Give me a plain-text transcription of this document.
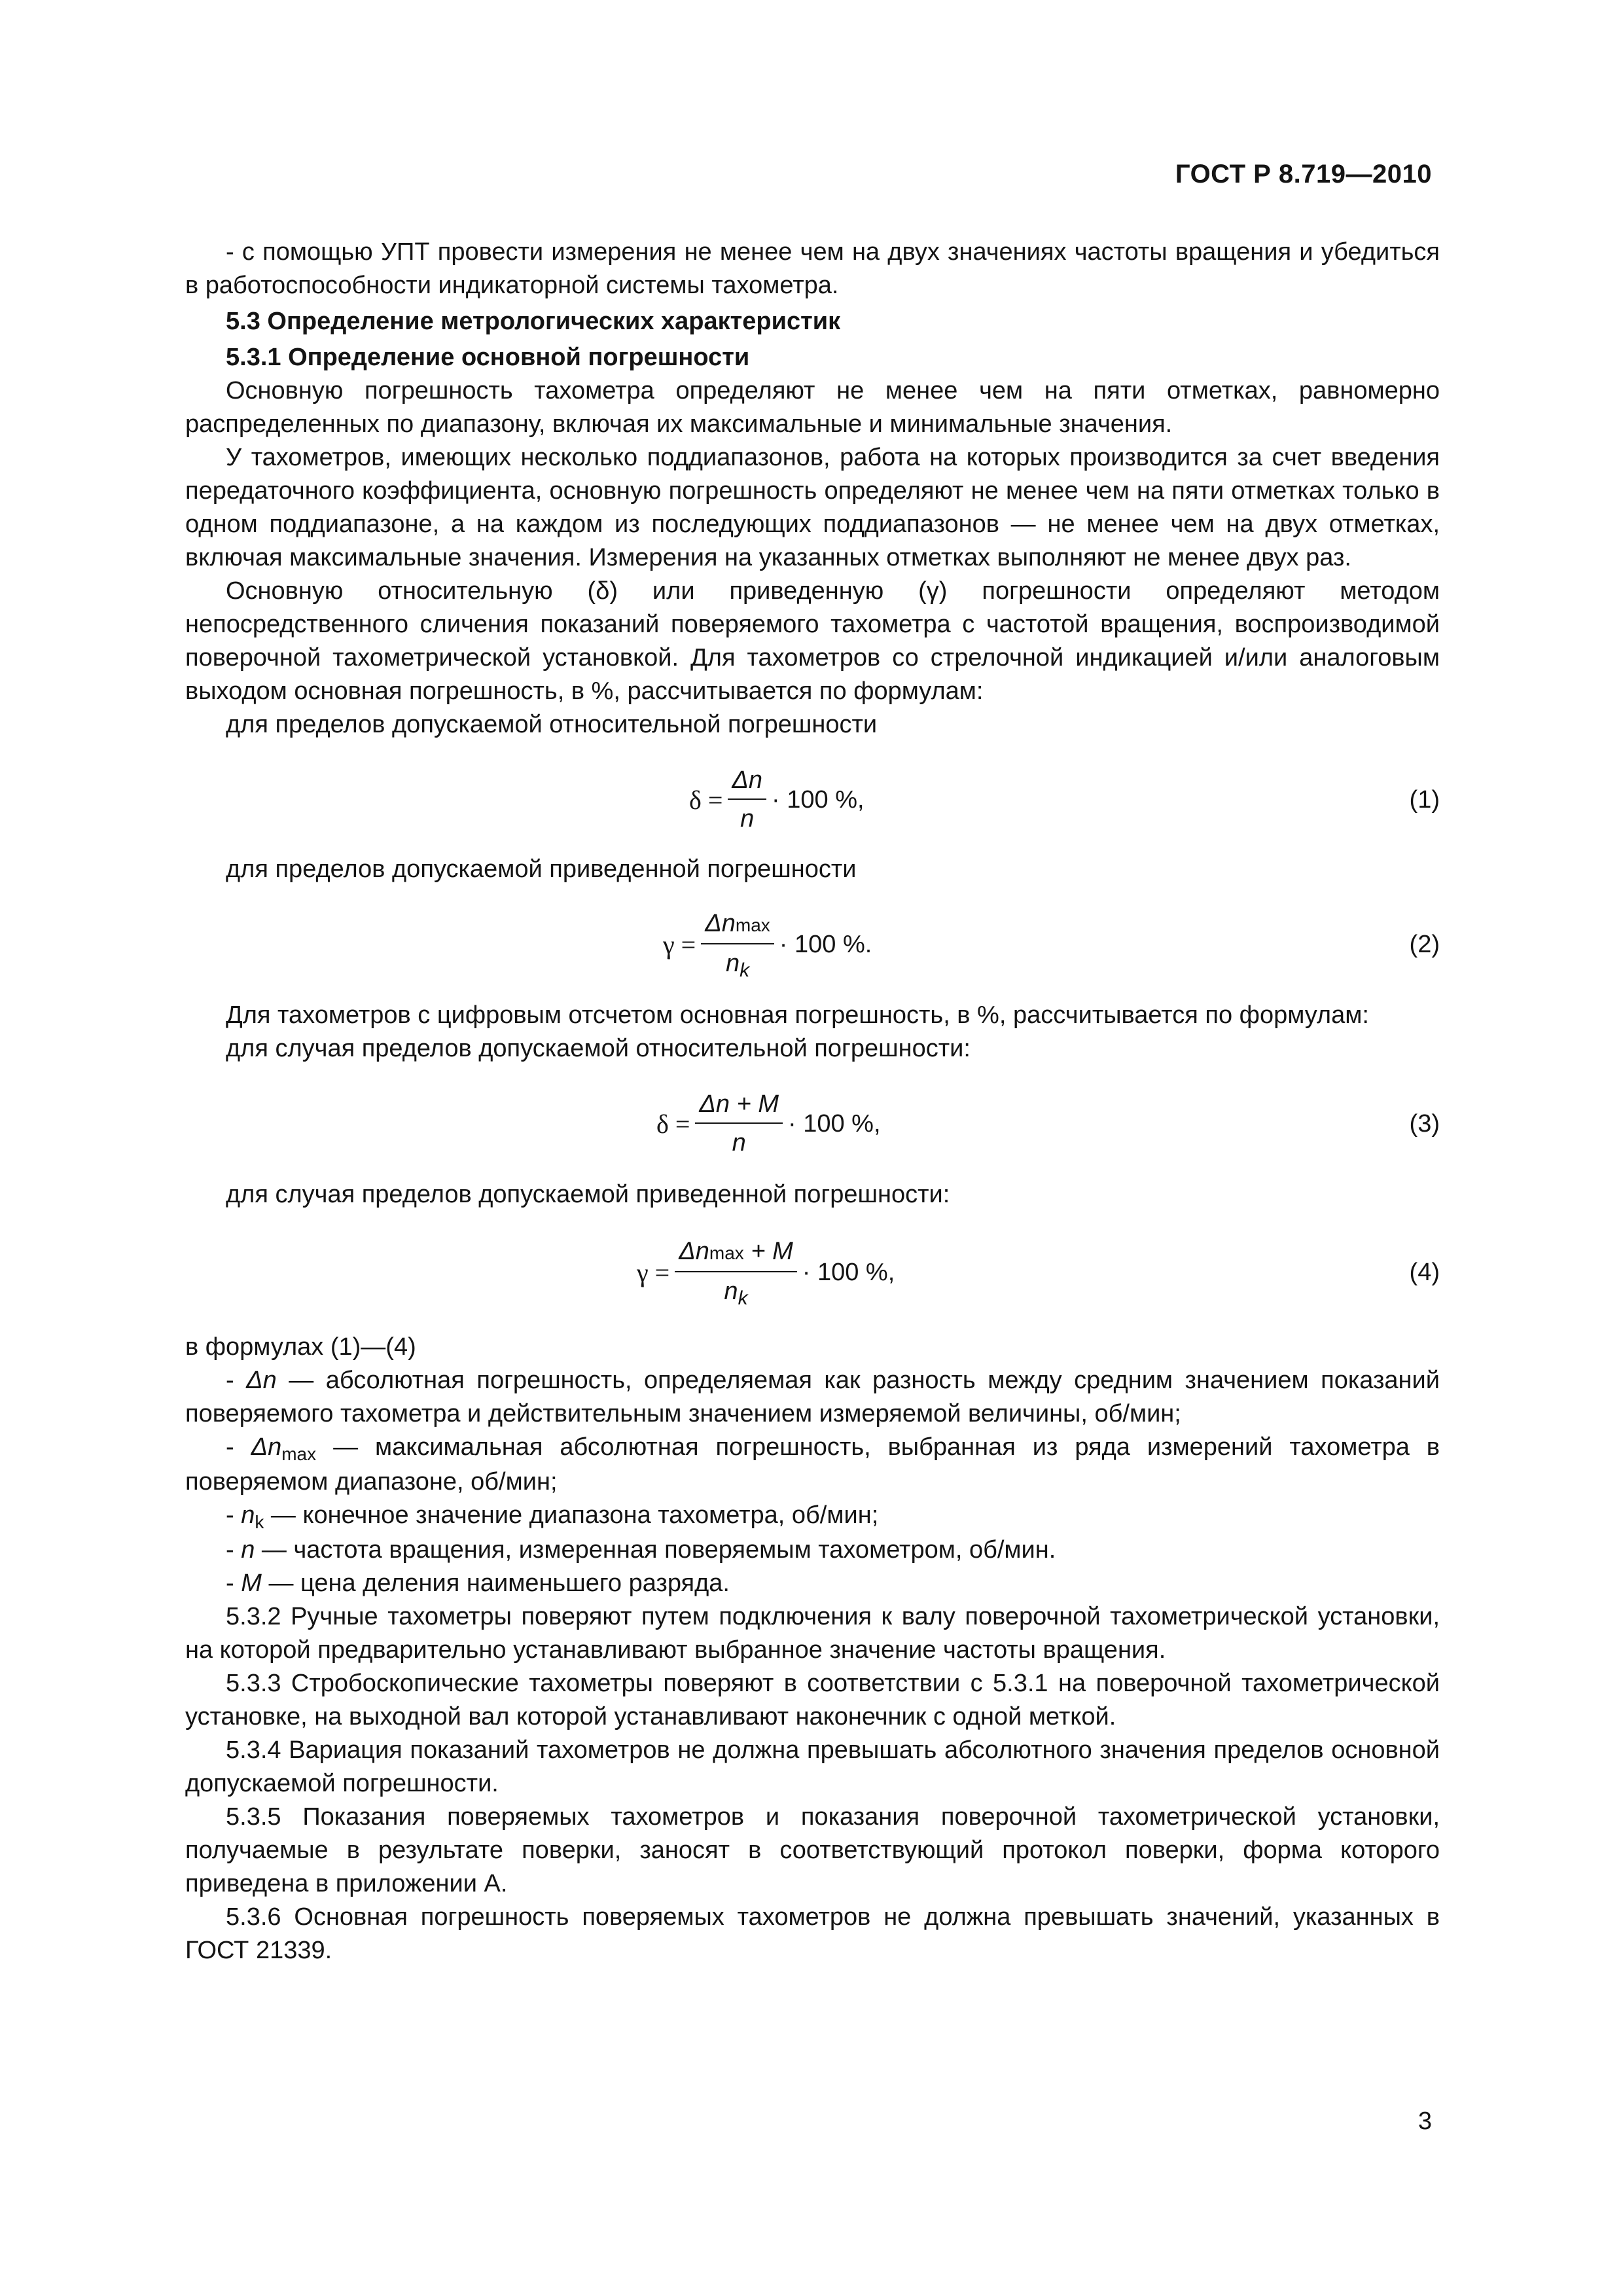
ГОСТ Р 8.719—2010

- с помощью УПТ провести измерения не менее чем на двух значениях частоты вращения и убедиться в работоспособности индикаторной системы тахометра.

5.3 Определение метрологических характеристик

5.3.1 Определение основной погрешности

Основную погрешность тахометра определяют не менее чем на пяти отметках, равномерно распределенных по диапазону, включая их максимальные и минимальные значения.

У тахометров, имеющих несколько поддиапазонов, работа на которых производится за счет введения передаточного коэффициента, основную погрешность определяют не менее чем на пяти отметках только в одном поддиапазоне, а на каждом из последующих поддиапазонов — не менее чем на двух отметках, включая максимальные значения. Измерения на указанных отметках выполняют не менее двух раз.

Основную относительную (δ) или приведенную (γ) погрешности определяют методом непосредственного сличения показаний поверяемого тахометра с частотой вращения, воспроизводимой поверочной тахометрической установкой. Для тахометров со стрелочной индикацией и/или аналоговым выходом основная погрешность, в %, рассчитывается по формулам:

для пределов допускаемой относительной погрешности

$\delta = \frac{\Delta n}{n} \cdot 100$ %,	(1)

для пределов допускаемой приведенной погрешности

$\gamma = \frac{\Delta nmax}{n_k} \cdot 100$ %.	(2)

Для тахометров с цифровым отсчетом основная погрешность, в %, рассчитывается по формулам:

для случая пределов допускаемой относительной погрешности:

$\delta = \frac{\Delta n + M}{n} \cdot 100$ %,	(3)

для случая пределов допускаемой приведенной погрешности:

$\gamma = \frac{\Delta nmax + M}{n_k} \cdot 100$ %,	(4)

в формулах (1)—(4)

- Δn — абсолютная погрешность, определяемая как разность между средним значением показаний поверяемого тахометра и действительным значением измеряемой величины, об/мин;

- $\Delta n_{max}$ — максимальная абсолютная погрешность, выбранная из ряда измерений тахометра в поверяемом диапазоне, об/мин;

- $n_k$ — конечное значение диапазона тахометра, об/мин;

- n — частота вращения, измеренная поверяемым тахометром, об/мин.

- M — цена деления наименьшего разряда.

5.3.2 Ручные тахометры поверяют путем подключения к валу поверочной тахометрической установки, на которой предварительно устанавливают выбранное значение частоты вращения.

5.3.3 Стробоскопические тахометры поверяют в соответствии с 5.3.1 на поверочной тахометрической установке, на выходной вал которой устанавливают наконечник с одной меткой.

5.3.4 Вариация показаний тахометров не должна превышать абсолютного значения пределов основной допускаемой погрешности.

5.3.5 Показания поверяемых тахометров и показания поверочной тахометрической установки, получаемые в результате поверки, заносят в соответствующий протокол поверки, форма которого приведена в приложении А.

5.3.6 Основная погрешность поверяемых тахометров не должна превышать значений, указанных в ГОСТ 21339.

3
